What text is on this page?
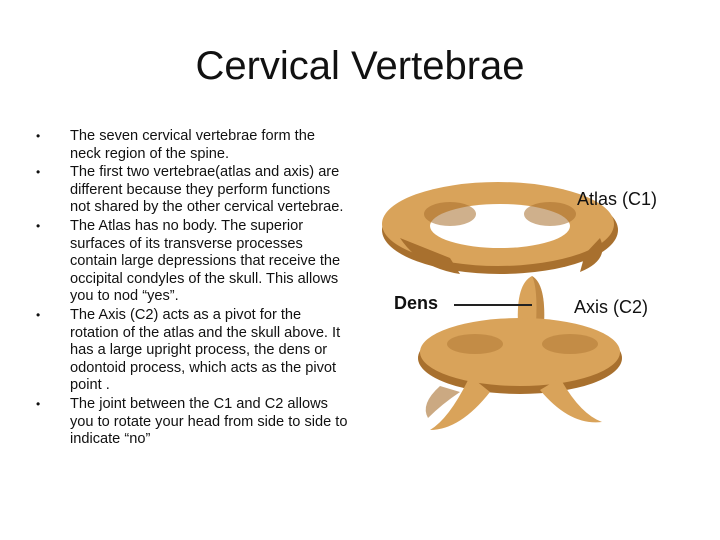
Cervical Vertebrae
• The seven cervical vertebrae form the neck region of the spine.
• The first two vertebrae(atlas and axis) are different because they perform functions not shared by the other cervical vertebrae.
• The Atlas has no body. The superior surfaces of its transverse processes contain large depressions that receive the occipital condyles of the skull. This allows you to nod “yes”.
• The Axis (C2) acts as a pivot for the rotation of the atlas and the skull above. It has a large upright process, the dens or odontoid process, which acts as the pivot point .
• The joint between the C1 and C2 allows you to rotate your head from side to side to indicate “no”
Atlas (C1)
Dens	Axis (C2)
